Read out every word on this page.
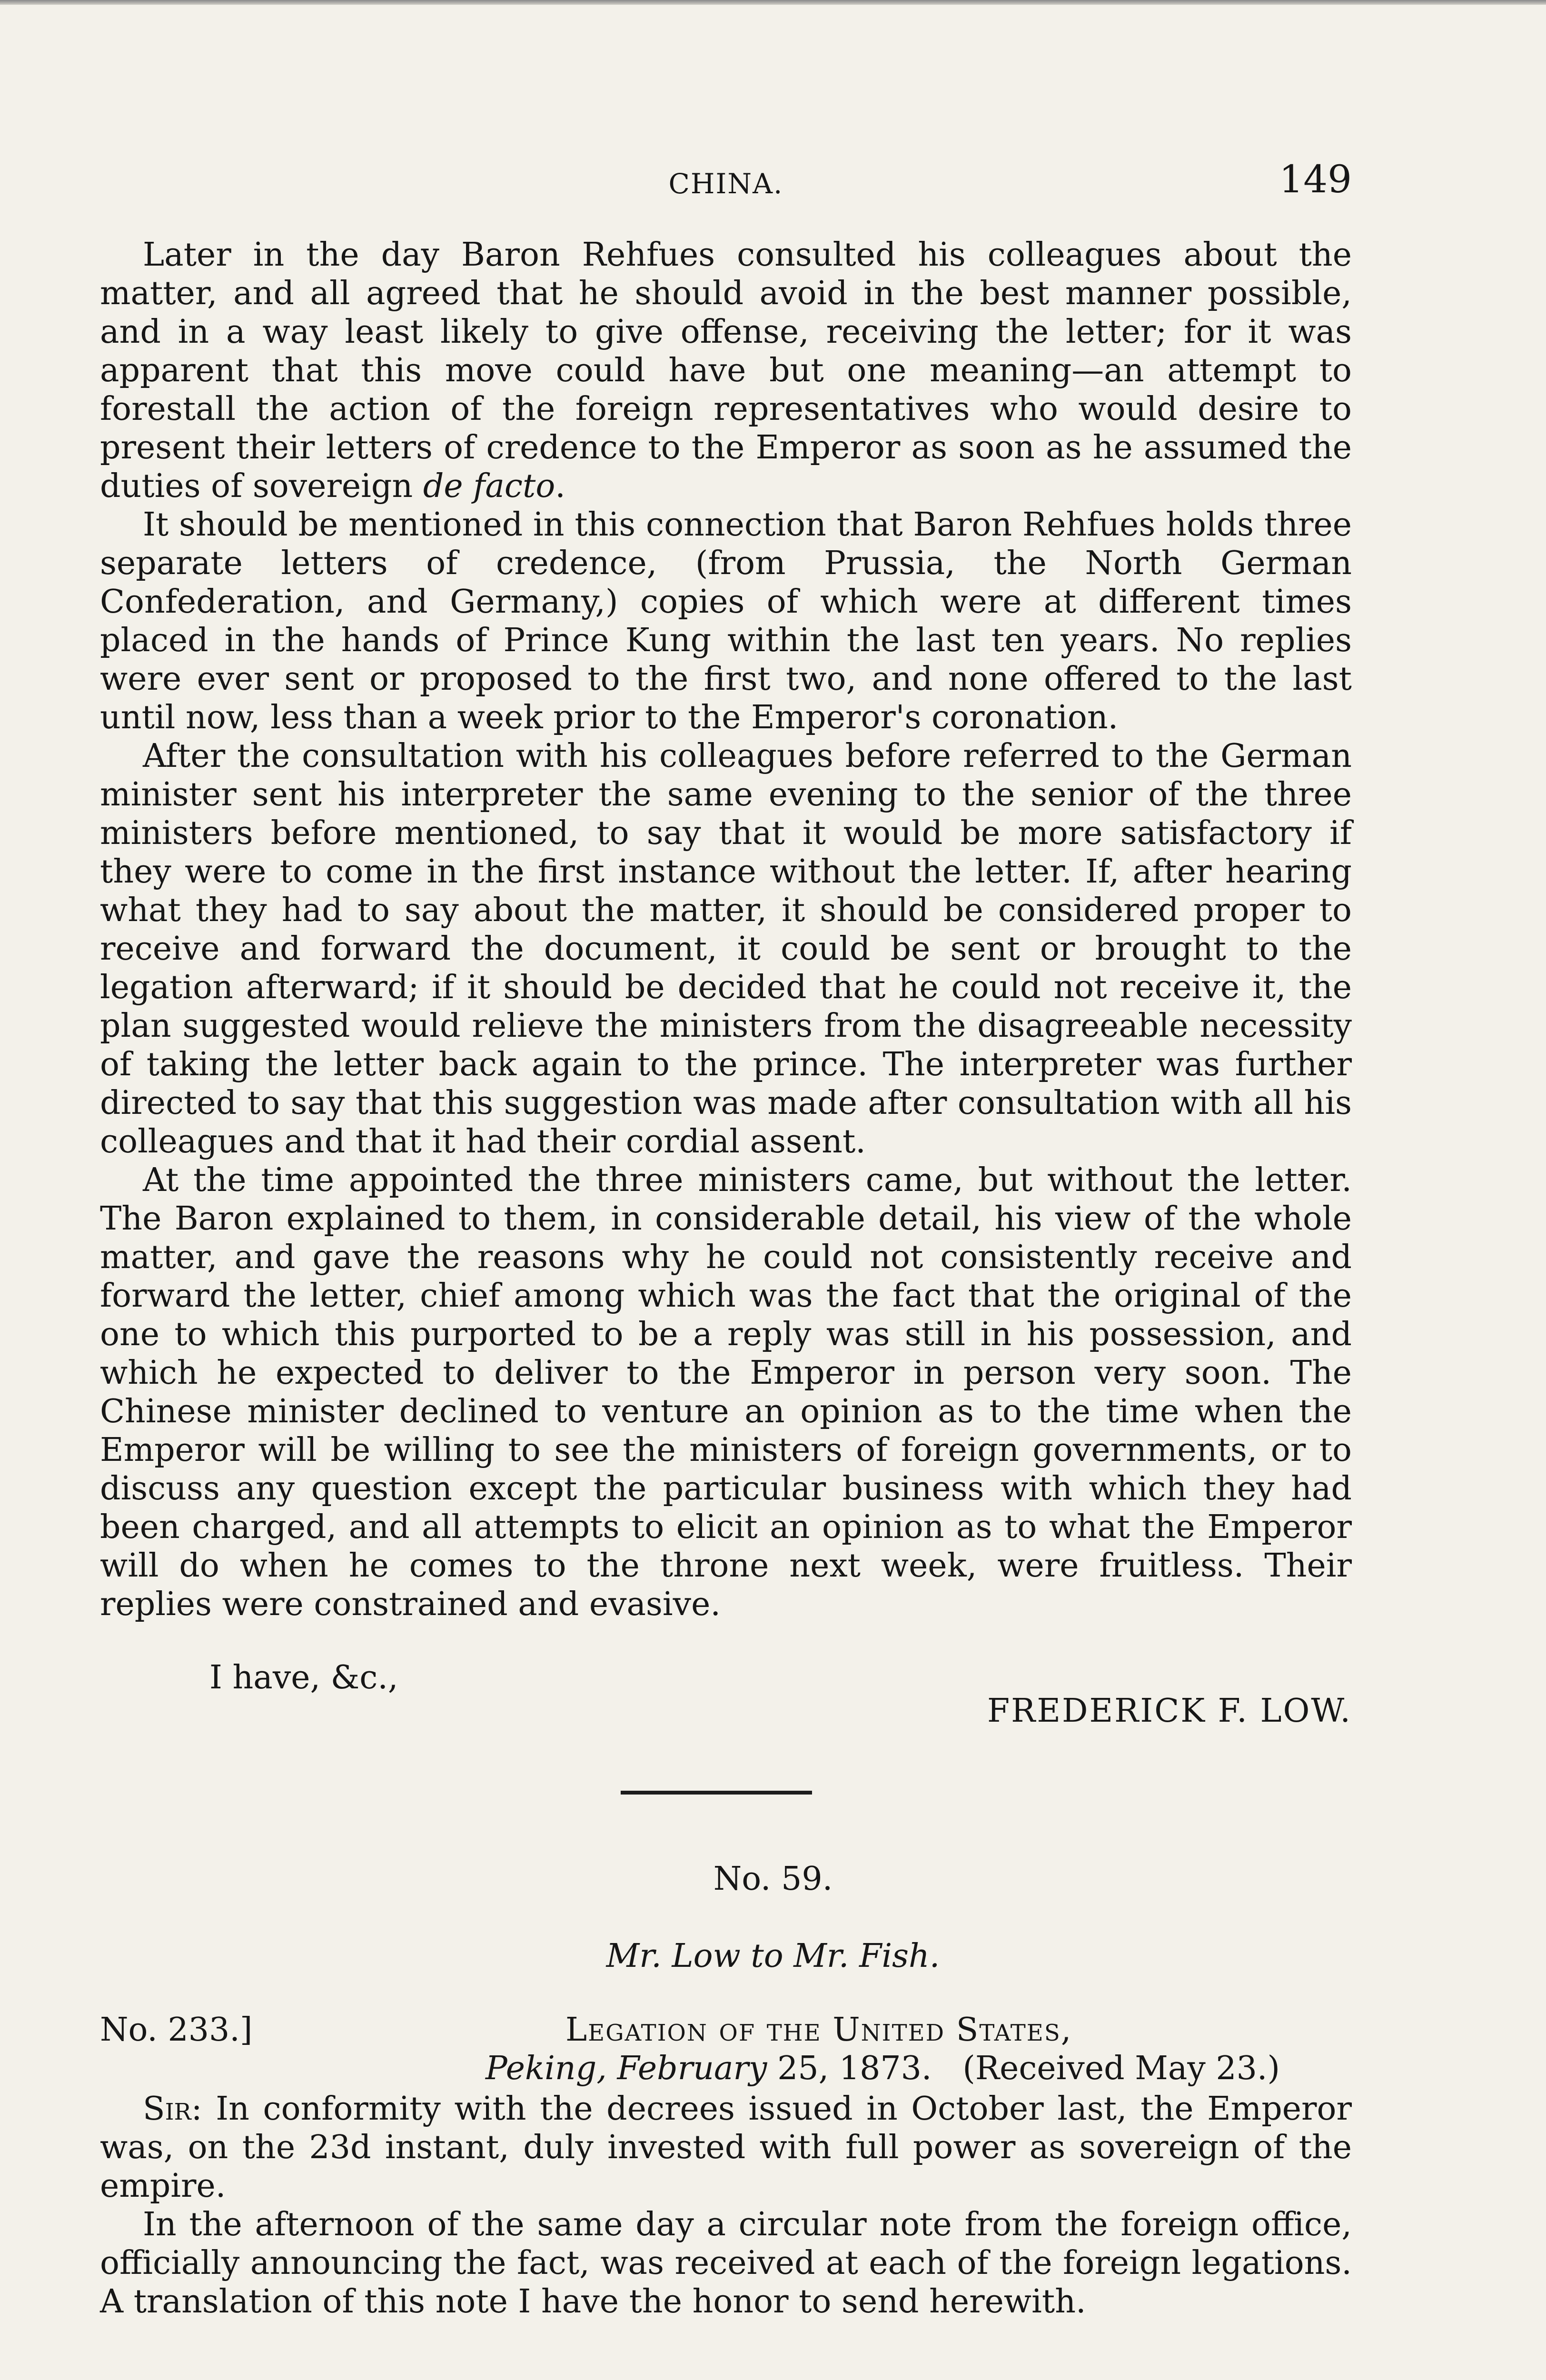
CHINA.	149

Later in the day Baron Rehfues consulted his colleagues about the matter, and all agreed that he should avoid in the best manner possible, and in a way least likely to give offense, receiving the letter; for it was apparent that this move could have but one meaning—an attempt to forestall the action of the foreign representatives who would desire to present their letters of credence to the Emperor as soon as he assumed the duties of sovereign de facto.

It should be mentioned in this connection that Baron Rehfues holds three separate letters of credence, (from Prussia, the North German Confederation, and Germany,) copies of which were at different times placed in the hands of Prince Kung within the last ten years. No replies were ever sent or proposed to the first two, and none offered to the last until now, less than a week prior to the Emperor's coronation.

After the consultation with his colleagues before referred to the German minister sent his interpreter the same evening to the senior of the three ministers before mentioned, to say that it would be more satisfactory if they were to come in the first instance without the letter. If, after hearing what they had to say about the matter, it should be considered proper to receive and forward the document, it could be sent or brought to the legation afterward; if it should be decided that he could not receive it, the plan suggested would relieve the ministers from the disagreeable necessity of taking the letter back again to the prince. The interpreter was further directed to say that this suggestion was made after consultation with all his colleagues and that it had their cordial assent.

At the time appointed the three ministers came, but without the letter. The Baron explained to them, in considerable detail, his view of the whole matter, and gave the reasons why he could not consistently receive and forward the letter, chief among which was the fact that the original of the one to which this purported to be a reply was still in his possession, and which he expected to deliver to the Emperor in person very soon. The Chinese minister declined to venture an opinion as to the time when the Emperor will be willing to see the ministers of foreign governments, or to discuss any question except the particular business with which they had been charged, and all attempts to elicit an opinion as to what the Emperor will do when he comes to the throne next week, were fruitless. Their replies were constrained and evasive.

I have, &c.,
FREDERICK F. LOW.
No. 59.
Mr. Low to Mr. Fish.
No. 233.]	Legation of the United States,
Peking, February 25, 1873. (Received May 23.)

Sir: In conformity with the decrees issued in October last, the Emperor was, on the 23d instant, duly invested with full power as sovereign of the empire.

In the afternoon of the same day a circular note from the foreign office, officially announcing the fact, was received at each of the foreign legations. A translation of this note I have the honor to send herewith.
